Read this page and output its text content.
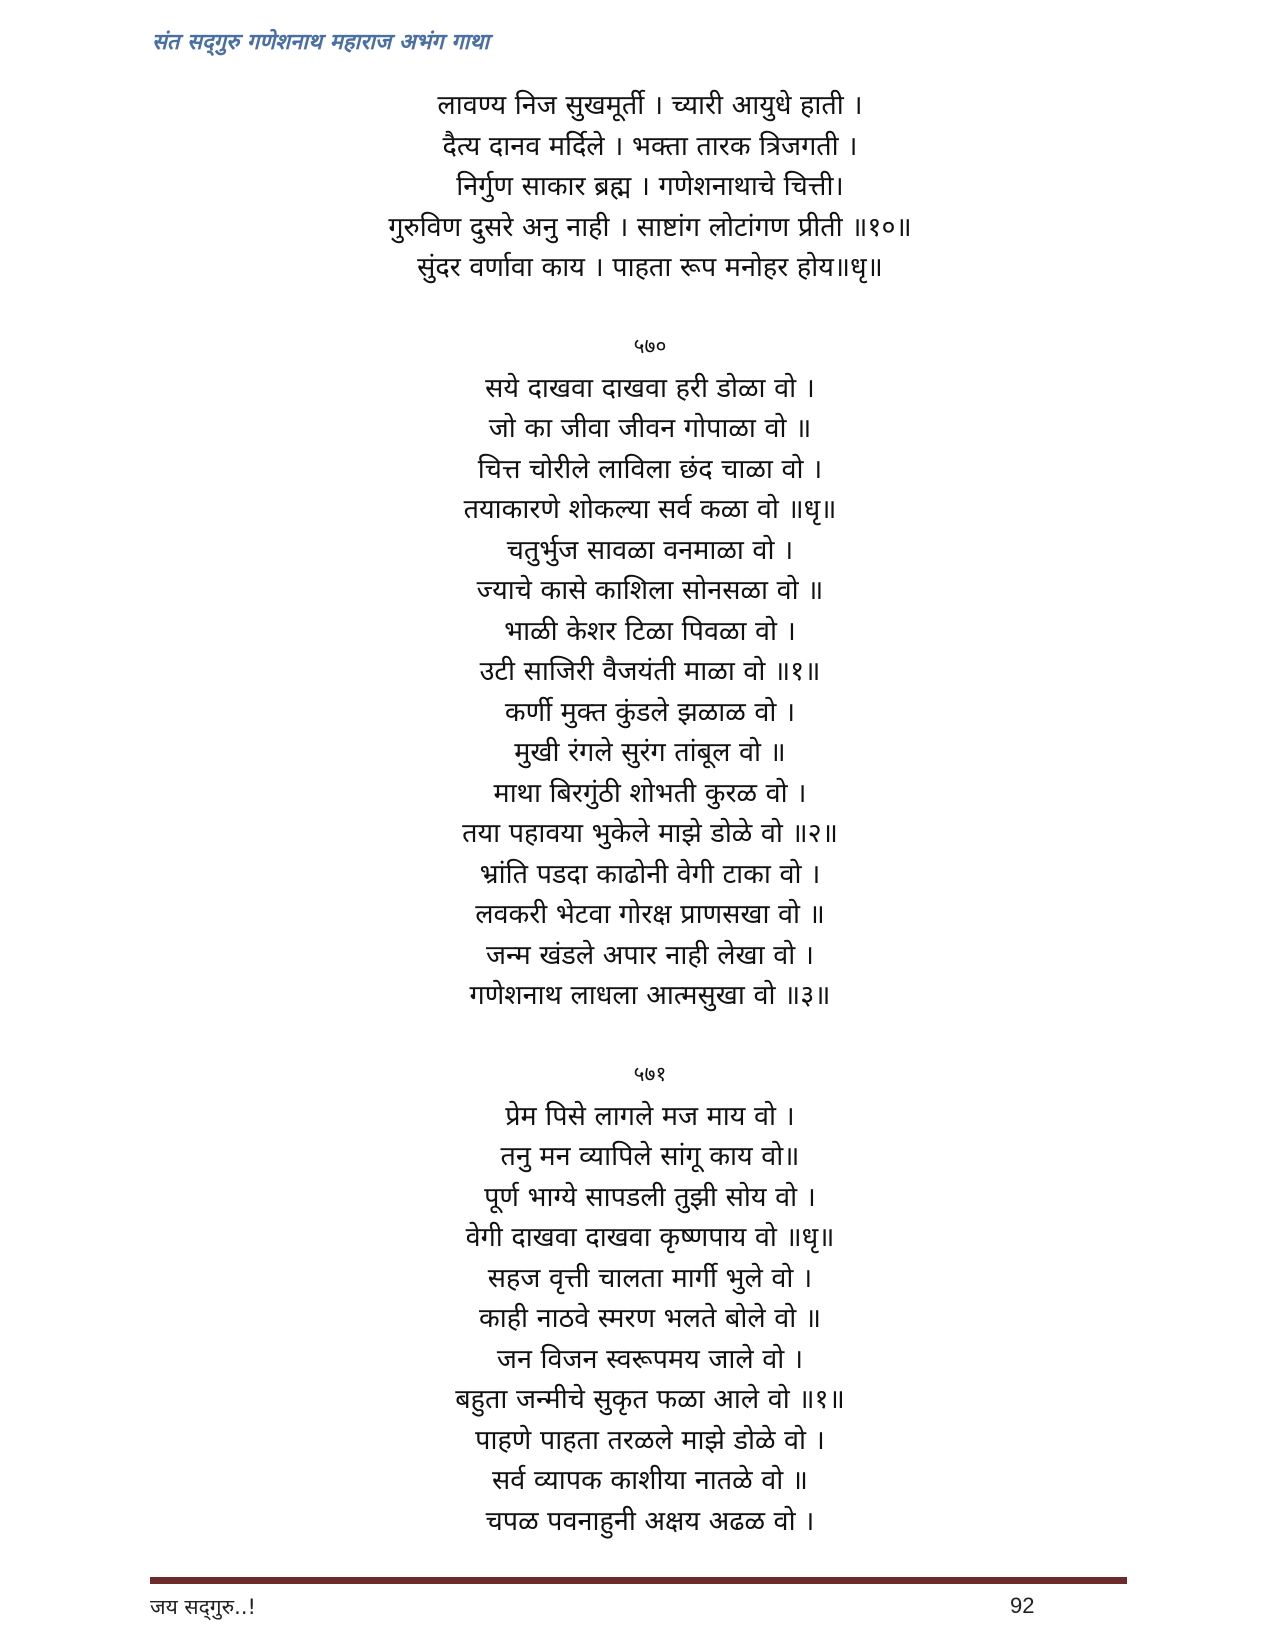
संत सद्‌गुरु गणेशनाथ महाराज अभंग गाथा
लावण्य निज सुखमूर्ती । च्यारी आयुधे हाती ।
दैत्य दानव मर्दिले । भक्ता तारक त्रिजगती ।
निर्गुण साकार ब्रह्म । गणेशनाथाचे चित्ती।
गुरुविण दुसरे अनु नाही । साष्टांग लोटांगण प्रीती ॥१०॥
सुंदर वर्णावा काय । पाहता रूप मनोहर होय॥धृ॥
५७०
सये दाखवा दाखवा हरी डोळा वो ।
जो का जीवा जीवन गोपाळा वो ॥
चित्त चोरीले लाविला छंद चाळा वो ।
तयाकारणे शोकल्या सर्व कळा वो ॥धृ॥
चतुर्भुज सावळा वनमाळा वो ।
ज्याचे कासे काशिला सोनसळा वो ॥
भाळी केशर टिळा पिवळा वो ।
उटी साजिरी वैजयंती माळा वो ॥१॥
कर्णी मुक्त कुंडले झळाळ वो ।
मुखी रंगले सुरंग तांबूल वो ॥
माथा बिरगुंठी शोभती कुरळ वो ।
तया पहावया भुकेले माझे डोळे वो ॥२॥
भ्रांति पडदा काढोनी वेगी टाका वो ।
लवकरी भेटवा गोरक्ष प्राणसखा वो ॥
जन्म खंडले अपार नाही लेखा वो ।
गणेशनाथ लाधला आत्मसुखा वो ॥३॥
५७१
प्रेम पिसे लागले मज माय वो ।
तनु मन व्यापिले सांगू काय वो॥
पूर्ण भाग्ये सापडली तुझी सोय वो ।
वेगी दाखवा दाखवा कृष्णपाय वो ॥धृ॥
सहज वृत्ती चालता मार्गी भुले वो ।
काही नाठवे स्मरण भलते बोले वो ॥
जन विजन स्वरूपमय जाले वो ।
बहुता जन्मीचे सुकृत फळा आले वो ॥१॥
पाहणे पाहता तरळले माझे डोळे वो ।
सर्व व्यापक काशीया नातळे वो ॥
चपळ पवनाहुनी अक्षय अढळ वो ।
जय सद्‌गुरु..!	92
